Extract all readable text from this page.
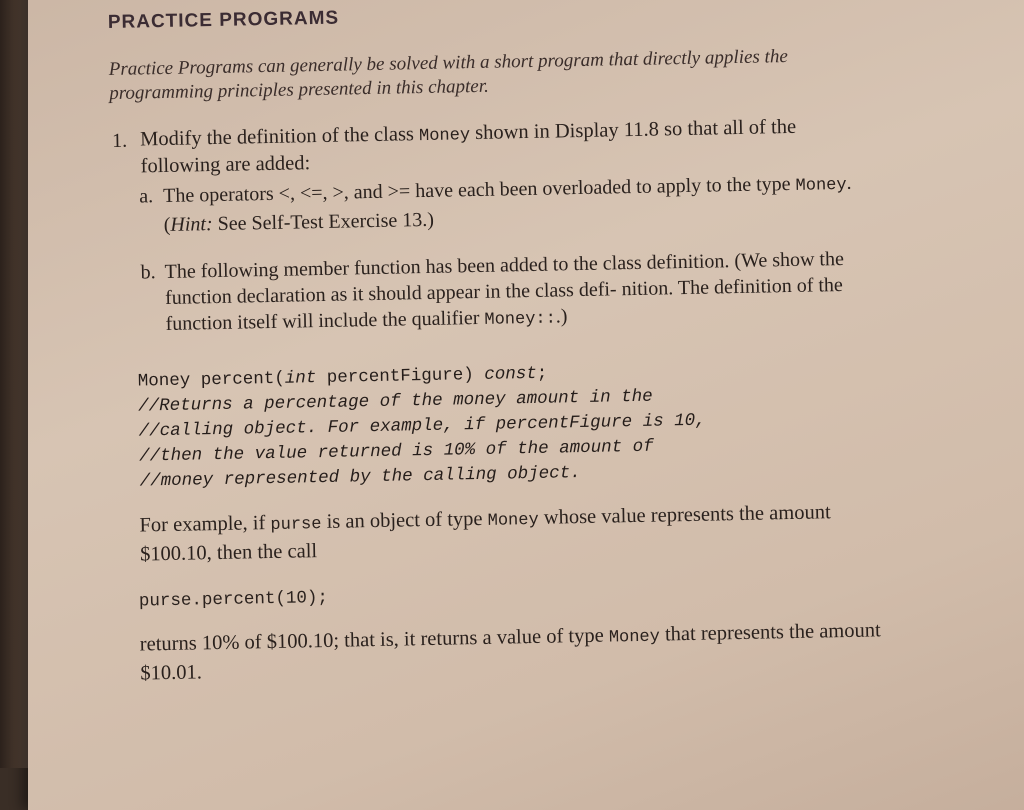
PRACTICE PROGRAMS
Practice Programs can generally be solved with a short program that directly applies the programming principles presented in this chapter.
1. Modify the definition of the class Money shown in Display 11.8 so that all of the following are added:
a. The operators <, <=, >, and >= have each been overloaded to apply to the type Money. (Hint: See Self-Test Exercise 13.)
b. The following member function has been added to the class definition. (We show the function declaration as it should appear in the class defi- nition. The definition of the function itself will include the qualifier Money::.)
Money percent(int percentFigure) const;
//Returns a percentage of the money amount in the
//calling object. For example, if percentFigure is 10,
//then the value returned is 10% of the amount of
//money represented by the calling object.
For example, if purse is an object of type Money whose value represents the amount $100.10, then the call
purse.percent(10);
returns 10% of $100.10; that is, it returns a value of type Money that represents the amount $10.01.
